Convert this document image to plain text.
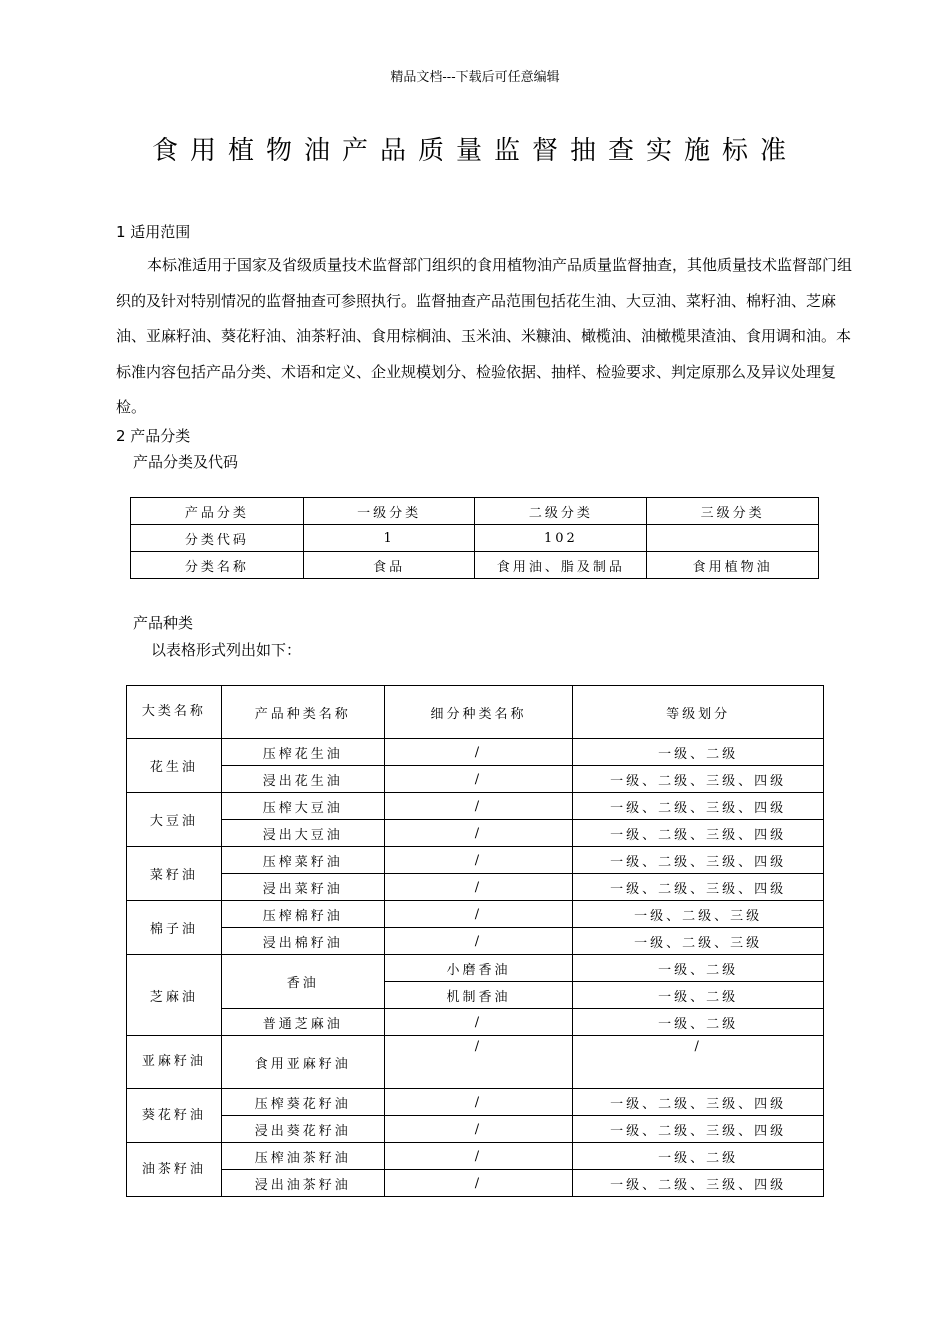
精品文档---下载后可任意编辑
食用植物油产品质量监督抽查实施标准
1 适用范围
本标准适用于国家及省级质量技术监督部门组织的食用植物油产品质量监督抽查，其他质量技术监督部门组织的及针对特别情况的监督抽查可参照执行。监督抽查产品范围包括花生油、大豆油、菜籽油、棉籽油、芝麻油、亚麻籽油、葵花籽油、油茶籽油、食用棕榈油、玉米油、米糠油、橄榄油、油橄榄果渣油、食用调和油。本标准内容包括产品分类、术语和定义、企业规模划分、检验依据、抽样、检验要求、判定原那么及异议处理复检。
2 产品分类
产品分类及代码
产品分类	一级分类	二级分类	三级分类
分类代码	1	102	
分类名称	食品	食用油、脂及制品	食用植物油
产品种类
以表格形式列出如下：
大类名称	产品种类名称	细分种类名称	等级划分
花生油	压榨花生油	/	一级、二级
	浸出花生油	/	一级、二级、三级、四级
大豆油	压榨大豆油	/	一级、二级、三级、四级
	浸出大豆油	/	一级、二级、三级、四级
菜籽油	压榨菜籽油	/	一级、二级、三级、四级
	浸出菜籽油	/	一级、二级、三级、四级
棉子油	压榨棉籽油	/	一级、二级、三级
	浸出棉籽油	/	一级、二级、三级
芝麻油	香油	小磨香油	一级、二级
		机制香油	一级、二级
	普通芝麻油	/	一级、二级
亚麻籽油	食用亚麻籽油	/	/
葵花籽油	压榨葵花籽油	/	一级、二级、三级、四级
	浸出葵花籽油	/	一级、二级、三级、四级
油茶籽油	压榨油茶籽油	/	一级、二级
	浸出油茶籽油	/	一级、二级、三级、四级
